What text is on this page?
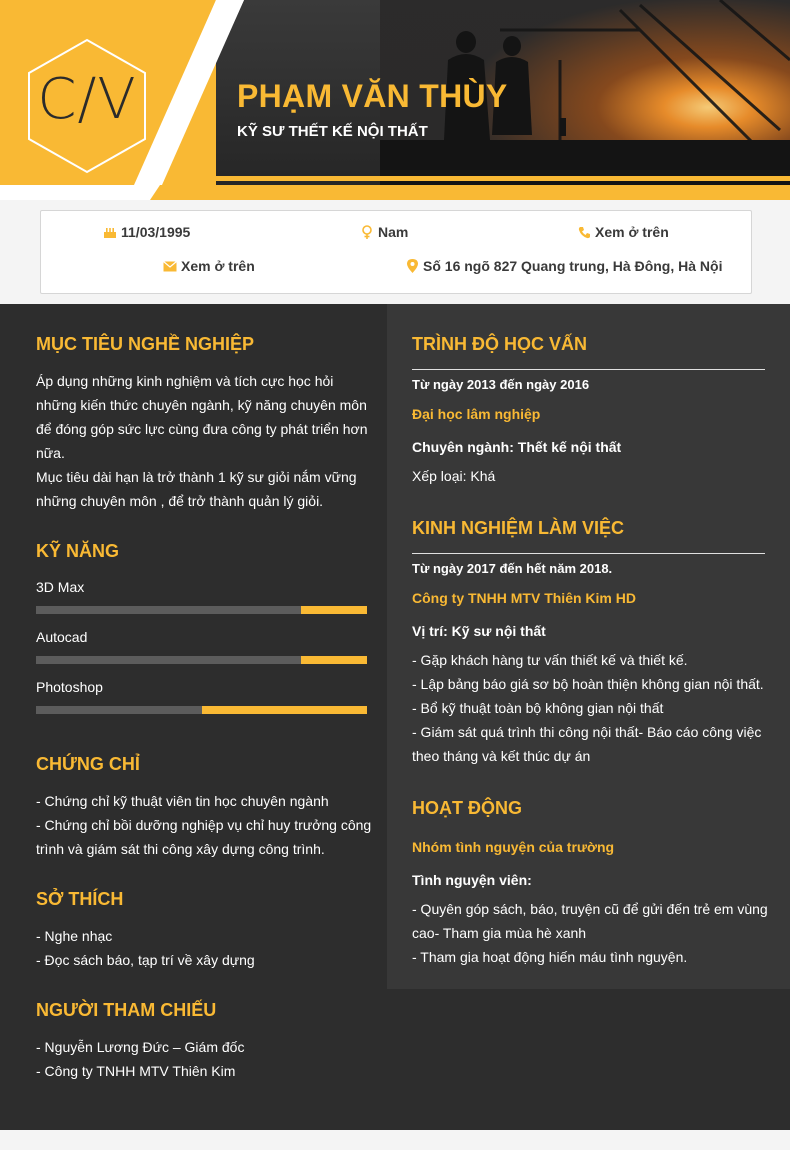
C/V	PHẠM VĂN THÙY
KỸ SƯ THẾT KẾ NỘI THẤT
11/03/1995	Nam	Xem ở trên
Xem ở trên	Số 16 ngõ 827 Quang trung, Hà Đông, Hà Nội
MỤC TIÊU NGHỀ NGHIỆP
Áp dụng những kinh nghiệm và tích cực học hỏi
những kiến thức chuyên ngành, kỹ năng chuyên môn
để đóng góp sức lực cùng đưa công ty phát triển hơn
nữa.
Mục tiêu dài hạn là trở thành 1 kỹ sư giỏi nắm vững
những chuyên môn , để trở thành quản lý giỏi.
KỸ NĂNG
3D Max
Autocad
Photoshop
CHỨNG CHỈ
- Chứng chỉ kỹ thuật viên tin học chuyên ngành
- Chứng chỉ bồi dưỡng nghiệp vụ chỉ huy trưởng công
trình và giám sát thi công xây dựng công trình.
SỞ THÍCH
- Nghe nhạc
- Đọc sách báo, tạp trí về xây dựng
NGƯỜI THAM CHIẾU
- Nguyễn Lương Đức – Giám đốc
- Công ty TNHH MTV Thiên Kim
TRÌNH ĐỘ HỌC VẤN
Từ ngày 2013 đến ngày 2016
Đại học lâm nghiệp
Chuyên ngành: Thết kế nội thất
Xếp loại: Khá
KINH NGHIỆM LÀM VIỆC
Từ ngày 2017 đến hết năm 2018.
Công ty TNHH MTV Thiên Kim HD
Vị trí: Kỹ sư nội thất
- Gặp khách hàng tư vấn thiết kế và thiết kế.
- Lập bảng báo giá sơ bộ hoàn thiện không gian nội thất.
- Bổ kỹ thuật toàn bộ không gian nội thất
- Giám sát quá trình thi công nội thất- Báo cáo công việc
theo tháng và kết thúc dự án
HOẠT ĐỘNG
Nhóm tình nguyện của trường
Tình nguyện viên:
- Quyên góp sách, báo, truyện cũ để gửi đến trẻ em vùng
cao- Tham gia mùa hè xanh
- Tham gia hoạt động hiến máu tình nguyện.
